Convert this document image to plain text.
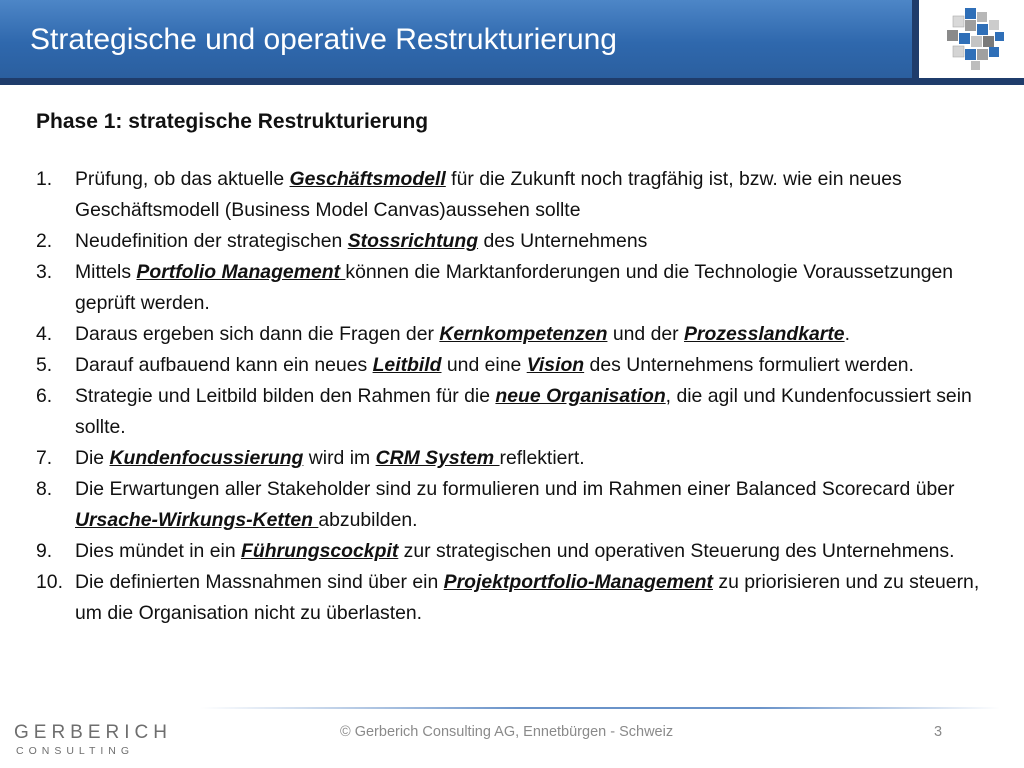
Strategische und operative Restrukturierung
Phase 1: strategische Restrukturierung
1. Prüfung, ob das aktuelle Geschäftsmodell für die Zukunft noch tragfähig ist, bzw. wie ein neues Geschäftsmodell (Business Model Canvas)aussehen sollte
2. Neudefinition der strategischen Stossrichtung des Unternehmens
3. Mittels Portfolio Management können die Marktanforderungen und die Technologie Voraussetzungen geprüft werden.
4. Daraus ergeben sich dann die Fragen der Kernkompetenzen und der Prozesslandkarte.
5. Darauf aufbauend kann ein neues Leitbild und eine Vision des Unternehmens formuliert werden.
6. Strategie und Leitbild bilden den Rahmen für die neue Organisation, die agil und Kundenfocussiert sein sollte.
7. Die Kundenfocussierung wird im CRM System reflektiert.
8. Die Erwartungen aller Stakeholder sind zu formulieren und im Rahmen einer Balanced Scorecard über Ursache-Wirkungs-Ketten abzubilden.
9. Dies mündet in ein Führungscockpit zur strategischen und operativen Steuerung des Unternehmens.
10. Die definierten Massnahmen sind über ein Projektportfolio-Management zu priorisieren und zu steuern, um die Organisation nicht zu überlasten.
GERBERICH
CONSULTING
© Gerberich Consulting AG, Ennetbürgen - Schweiz	3
